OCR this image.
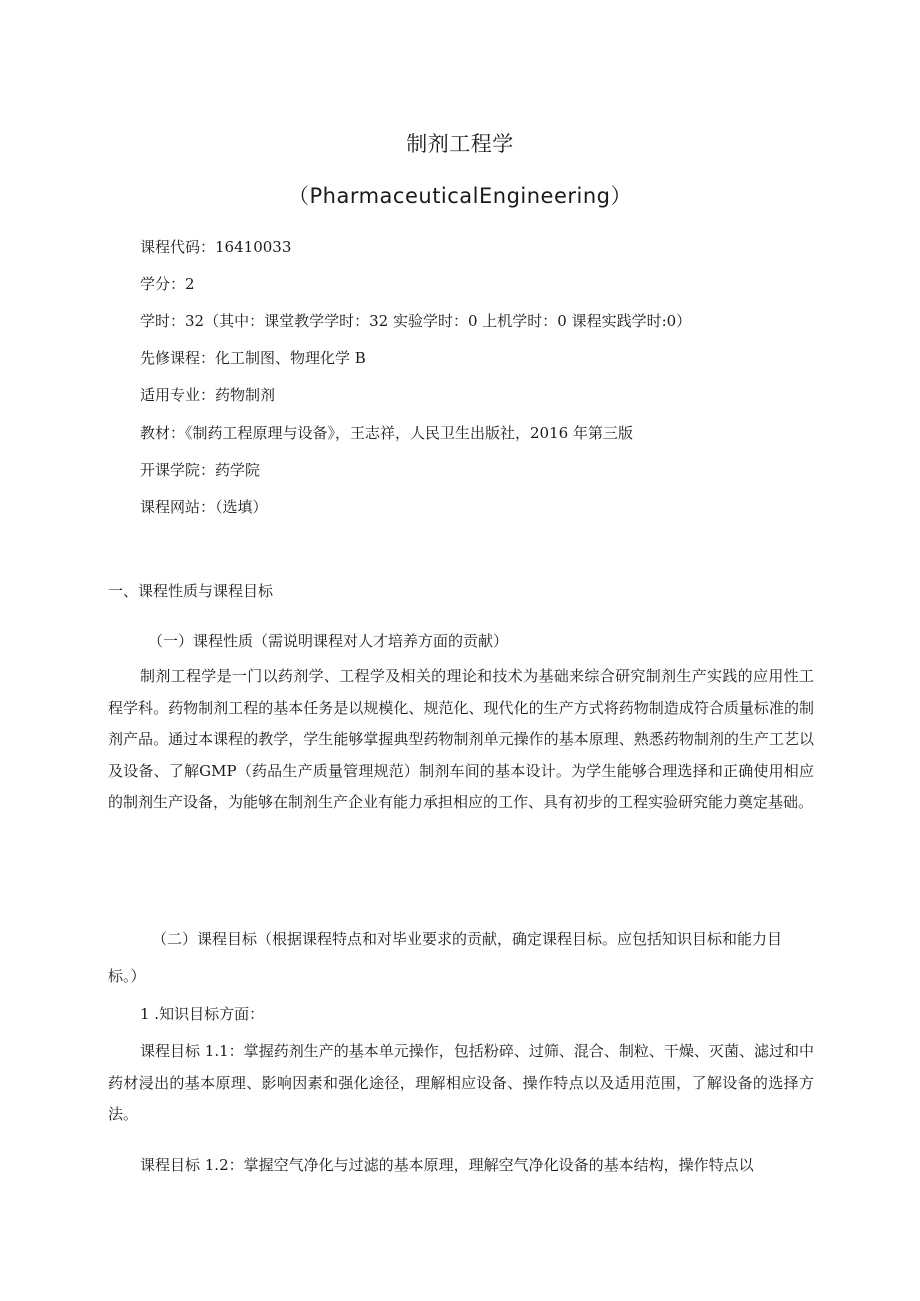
制剂工程学
（PharmaceuticalEngineering）
课程代码：16410033
学分：2
学时：32（其中：课堂教学学时：32 实验学时：0 上机学时：0 课程实践学时:0）
先修课程：化工制图、物理化学 B
适用专业：药物制剂
教材：《制药工程原理与设备》，王志祥，人民卫生出版社，2016 年第三版
开课学院：药学院
课程网站：（选填）
一、课程性质与课程目标
（一）课程性质（需说明课程对人才培养方面的贡献）
制剂工程学是一门以药剂学、工程学及相关的理论和技术为基础来综合研究制剂生产实践的应用性工程学科。药物制剂工程的基本任务是以规模化、规范化、现代化的生产方式将药物制造成符合质量标准的制剂产品。通过本课程的教学，学生能够掌握典型药物制剂单元操作的基本原理、熟悉药物制剂的生产工艺以及设备、了解GMP（药品生产质量管理规范）制剂车间的基本设计。为学生能够合理选择和正确使用相应的制剂生产设备，为能够在制剂生产企业有能力承担相应的工作、具有初步的工程实验研究能力奠定基础。
（二）课程目标（根据课程特点和对毕业要求的贡献，确定课程目标。应包括知识目标和能力目
标。）
1 .知识目标方面：
课程目标 1.1：掌握药剂生产的基本单元操作，包括粉碎、过筛、混合、制粒、干燥、灭菌、滤过和中药材浸出的基本原理、影响因素和强化途径，理解相应设备、操作特点以及适用范围，了解设备的选择方法。
课程目标 1.2：掌握空气净化与过滤的基本原理，理解空气净化设备的基本结构，操作特点以
